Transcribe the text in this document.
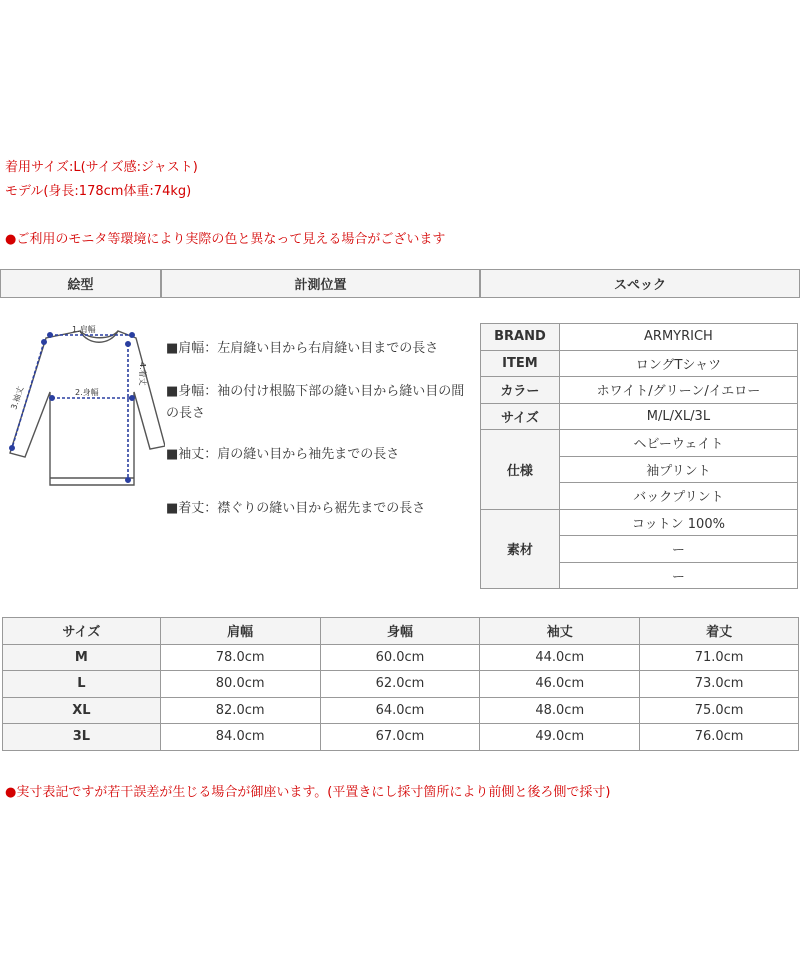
着用サイズ:L(サイズ感:ジャスト)
モデル(身長:178cm体重:74kg)
●ご利用のモニタ等環境により実際の色と異なって見える場合がございます
絵型	計測位置	スペック
1.肩幅
2.身幅
3.袖丈
4.着丈
■肩幅：左肩縫い目から右肩縫い目までの長さ
■身幅：袖の付け根脇下部の縫い目から縫い目の間の長さ
■袖丈：肩の縫い目から袖先までの長さ
■着丈：襟ぐりの縫い目から裾先までの長さ
BRAND	ARMYRICH
ITEM	ロングTシャツ
カラー	ホワイト/グリーン/イエロー
サイズ	M/L/XL/3L
仕様	ヘビーウェイト
	袖プリント
	バックプリント
素材	コットン 100%
	ー
	ー
サイズ	肩幅	身幅	袖丈	着丈
M	78.0cm	60.0cm	44.0cm	71.0cm
L	80.0cm	62.0cm	46.0cm	73.0cm
XL	82.0cm	64.0cm	48.0cm	75.0cm
3L	84.0cm	67.0cm	49.0cm	76.0cm
●実寸表記ですが若干誤差が生じる場合が御座います。(平置きにし採寸箇所により前側と後ろ側で採寸)
